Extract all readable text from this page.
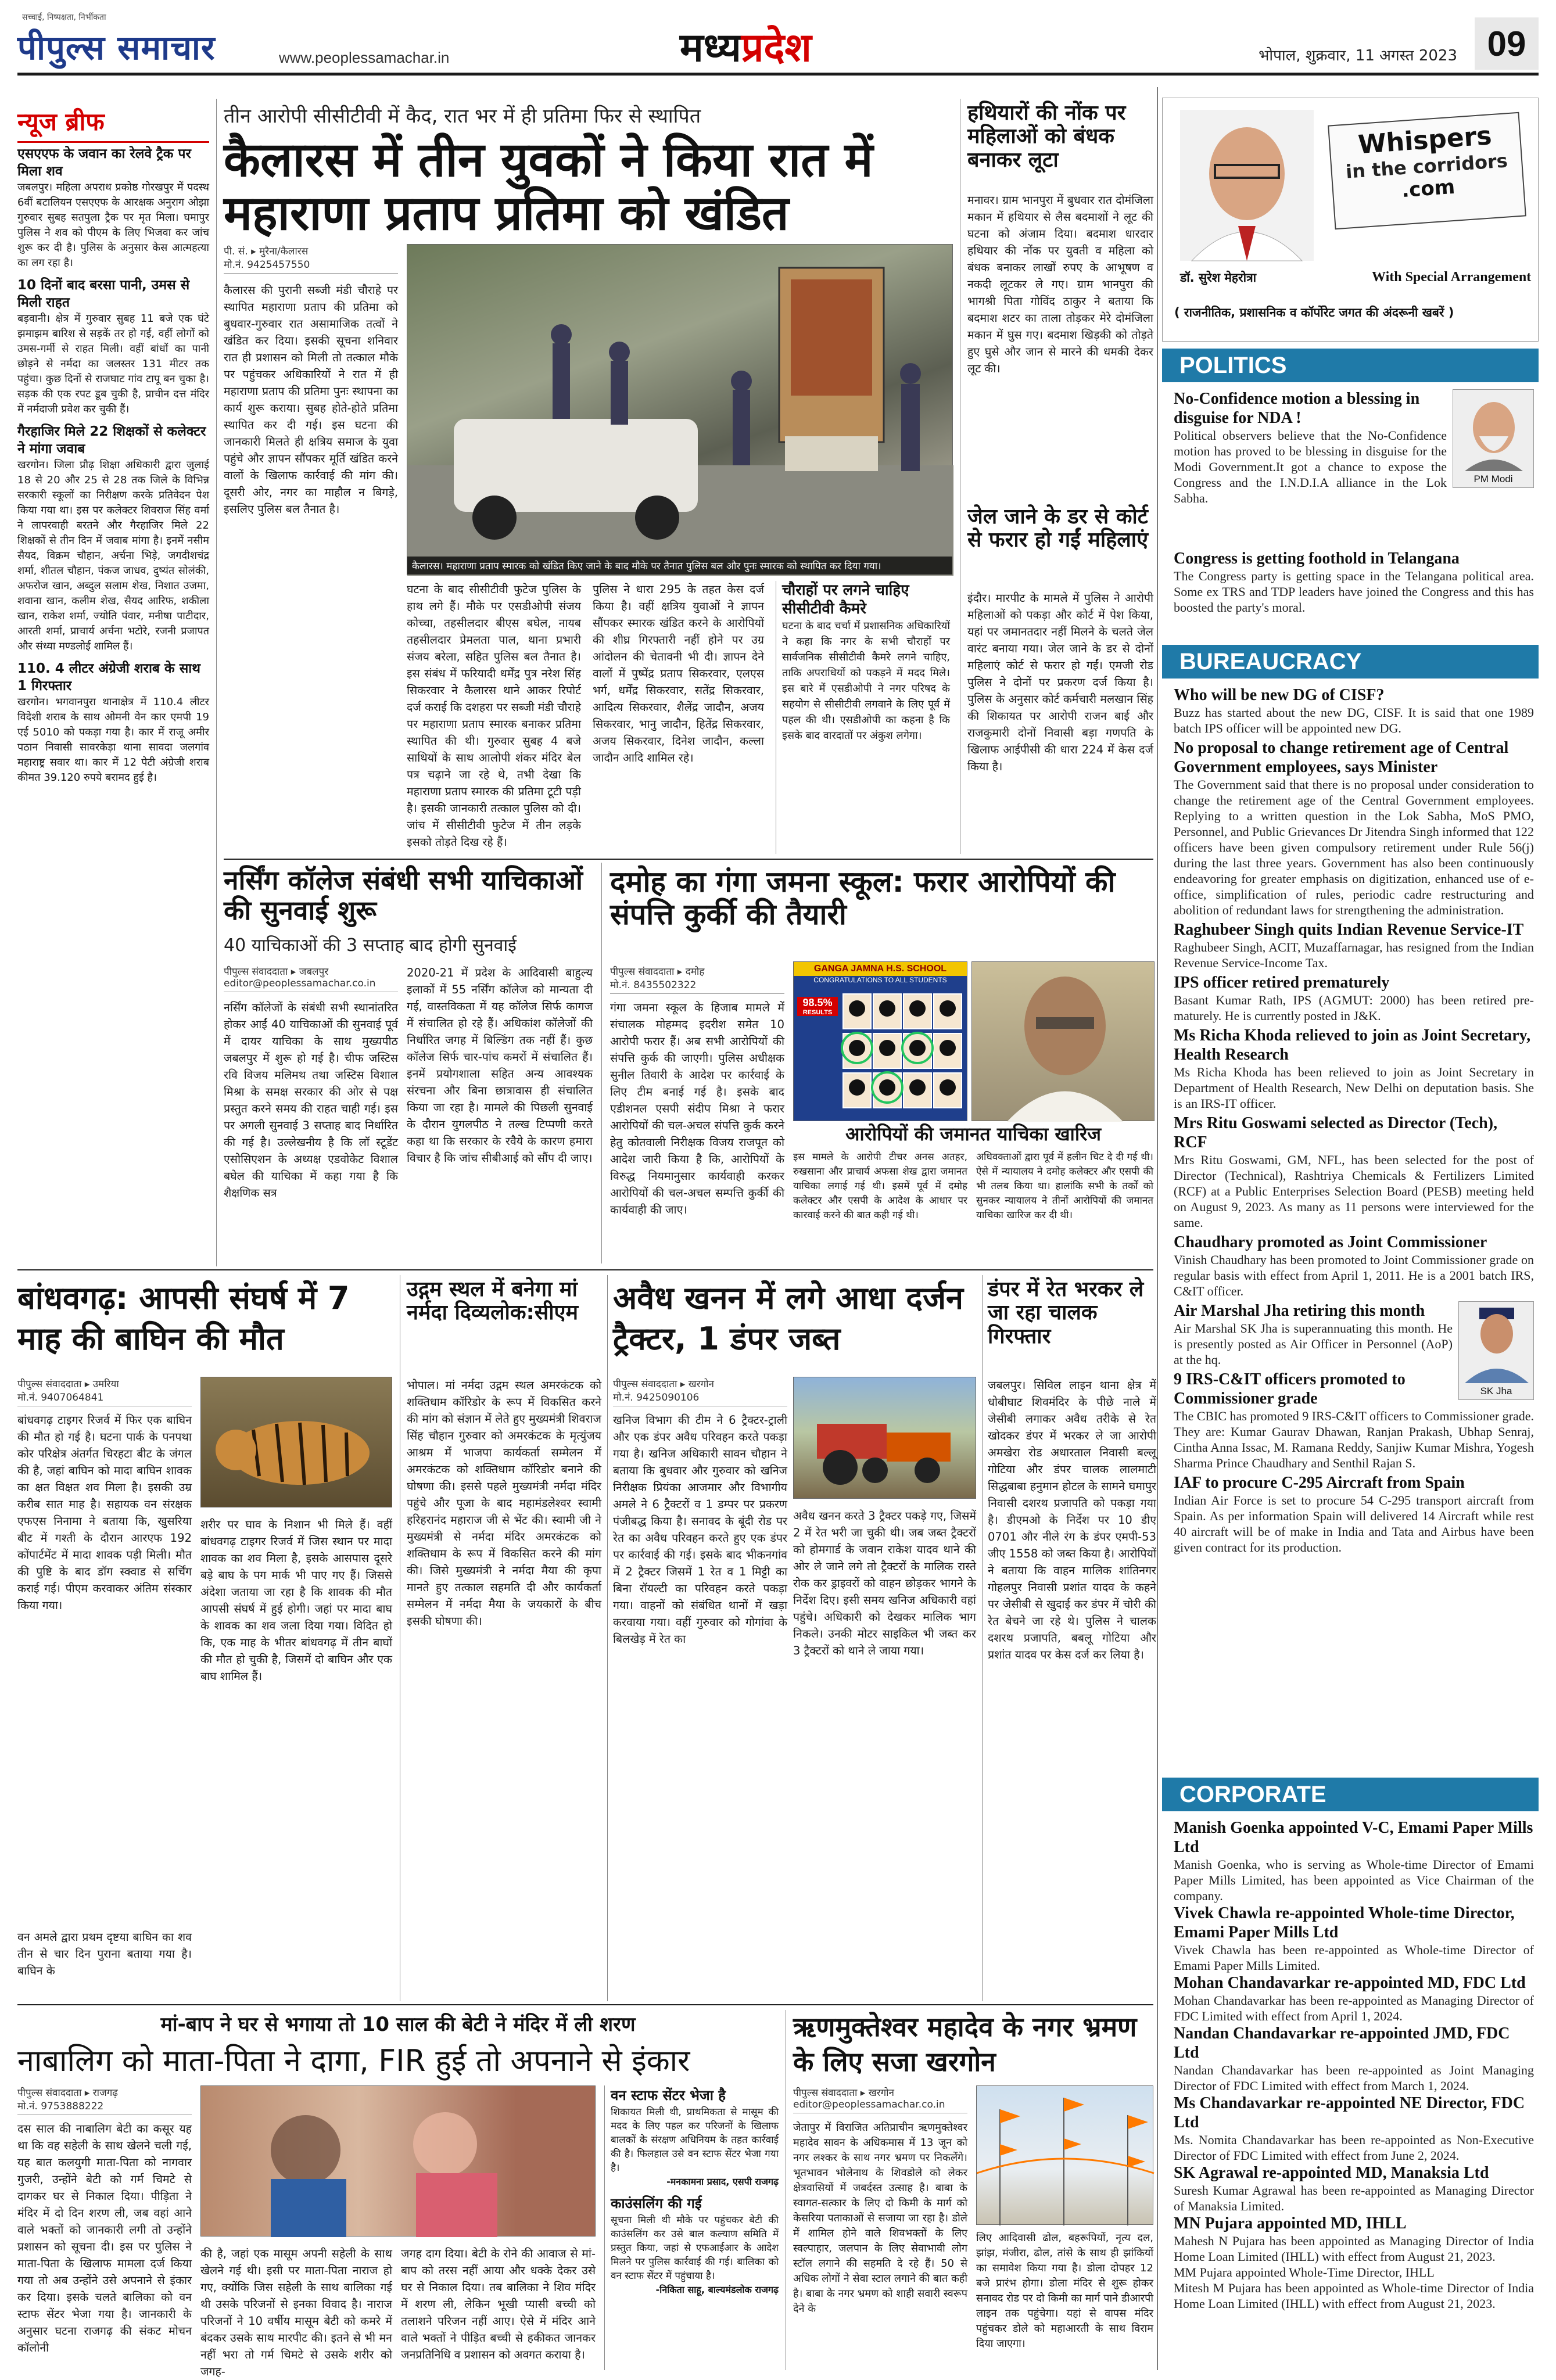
सच्चाई, निष्पक्षता, निर्भीकता
पीपुल्स समाचार	www.peoplessamachar.in	मध्यप्रदेश	भोपाल, शुक्रवार, 11 अगस्त 2023 09
न्यूज ब्रीफ
एसएएफ के जवान का रेलवे ट्रैक पर मिला शव
जबलपुर। महिला अपराध प्रकोष्ठ गोरखपुर में पदस्थ 6वीं बटालियन एसएएफ के आरक्षक अनुराग ओझा गुरुवार सुबह सतपुला ट्रैक पर मृत मिला। घमापुर पुलिस ने शव को पीएम के लिए भिजवा कर जांच शुरू कर दी है। पुलिस के अनुसार केस आत्महत्या का लग रहा है।
10 दिनों बाद बरसा पानी, उमस से मिली राहत
बड़वानी। क्षेत्र में गुरुवार सुबह 11 बजे एक घंटे झमाझम बारिश से सड़कें तर हो गईं, वहीं लोगों को उमस-गर्मी से राहत मिली। वहीं बांधों का पानी छोड़ने से नर्मदा का जलस्तर 131 मीटर तक पहुंचा। कुछ दिनों से राजघाट गांव टापू बन चुका है। सड़क की एक रपट डूब चुकी है, प्राचीन दत्त मंदिर में नर्मदाजी प्रवेश कर चुकी हैं।
गैरहाजिर मिले 22 शिक्षकों से कलेक्टर ने मांगा जवाब
खरगोन। जिला प्रौढ़ शिक्षा अधिकारी द्वारा जुलाई 18 से 20 और 25 से 28 तक जिले के विभिन्न सरकारी स्कूलों का निरीक्षण करके प्रतिवेदन पेश किया गया था। इस पर कलेक्टर शिवराज सिंह वर्मा ने लापरवाही बरतने और गैरहाजिर मिले 22 शिक्षकों से तीन दिन में जवाब मांगा है। इनमें नसीम सैयद, विक्रम चौहान, अर्चना भिड़े, जगदीशचंद्र शर्मा, शीतल चौहान, पंकज जाधव, दुष्यंत सोलंकी, अफरोज खान, अब्दुल सलाम शेख, निशात उजमा, शवाना खान, कलीम शेख, सैयद आरिफ, शकीला खान, राकेश शर्मा, ज्योति पंवार, मनीषा पाटीदार, आरती शर्मा, प्राचार्य अर्चना भटोरे, रजनी प्रजापत और संध्या मण्डलोई शामिल हैं।
110. 4 लीटर अंग्रेजी शराब के साथ 1 गिरफ्तार
खरगोन। भगवानपुरा थानाक्षेत्र में 110.4 लीटर विदेशी शराब के साथ ओमनी वेन कार एमपी 19 एई 5010 को पकड़ा गया है। कार में राजू अमीर पठान निवासी सावरकेड़ा थाना सावदा जलगांव महाराष्ट्र सवार था। कार में 12 पेटी अंग्रेजी शराब कीमत 39.120 रुपये बरामद हुई है।
तीन आरोपी सीसीटीवी में कैद, रात भर में ही प्रतिमा फिर से स्थापित
कैलारस में तीन युवकों ने किया रात में महाराणा प्रताप प्रतिमा को खंडित
पी. सं. ▸ मुरैना/कैलारस
मो.नं. 9425457550
कैलारस की पुरानी सब्जी मंडी चौराहे पर स्थापित महाराणा प्रताप की प्रतिमा को बुधवार-गुरुवार रात असामाजिक तत्वों ने खंडित कर दिया। इसकी सूचना शनिवार रात ही प्रशासन को मिली तो तत्काल मौके पर पहुंचकर अधिकारियों ने रात में ही महाराणा प्रताप की प्रतिमा पुनः स्थापना का कार्य शुरू कराया। सुबह होते-होते प्रतिमा स्थापित कर दी गई। इस घटना की जानकारी मिलते ही क्षत्रिय समाज के युवा पहुंचे और ज्ञापन सौंपकर मूर्ति खंडित करने वालों के खिलाफ कार्रवाई की मांग की। दूसरी ओर, नगर का माहौल न बिगड़े, इसलिए पुलिस बल तैनात है।
कैलारस। महाराणा प्रताप स्मारक को खंडित किए जाने के बाद मौके पर तैनात पुलिस बल और पुनः स्मारक को स्थापित कर दिया गया।
घटना के बाद सीसीटीवी फुटेज पुलिस के हाथ लगे हैं। मौके पर एसडीओपी संजय कोच्चा, तहसीलदार बीएस बघेल, नायब तहसीलदार प्रेमलता पाल, थाना प्रभारी संजय बरेला, सहित पुलिस बल तैनात है। इस संबंध में फरियादी धर्मेंद्र पुत्र नरेश सिंह सिकरवार ने कैलारस थाने आकर रिपोर्ट दर्ज कराई कि दशहरा पर सब्जी मंडी चौराहे पर महाराणा प्रताप स्मारक बनाकर प्रतिमा स्थापित की थी। गुरुवार सुबह 4 बजे साथियों के साथ आलोपी शंकर मंदिर बेल पत्र चढ़ाने जा रहे थे, तभी देखा कि महाराणा प्रताप स्मारक की प्रतिमा टूटी पड़ी है। इसकी जानकारी तत्काल पुलिस को दी। जांच में सीसीटीवी फुटेज में तीन लड़के इसको तोड़ते दिख रहे हैं।
पुलिस ने धारा 295 के तहत केस दर्ज किया है। वहीं क्षत्रिय युवाओं ने ज्ञापन सौंपकर स्मारक खंडित करने के आरोपियों की शीघ्र गिरफ्तारी नहीं होने पर उग्र आंदोलन की चेतावनी भी दी। ज्ञापन देने वालों में पुष्पेंद्र प्रताप सिकरवार, एलएस भर्ग, धर्मेंद्र सिकरवार, सतेंद्र सिकरवार, आदित्य सिकरवार, शैलेंद्र जादौन, अजय सिकरवार, भानु जादौन, हितेंद्र सिकरवार, अजय सिकरवार, दिनेश जादौन, कल्ला जादौन आदि शामिल रहे।
चौराहों पर लगने चाहिए सीसीटीवी कैमरे
घटना के बाद चर्चा में प्रशासनिक अधिकारियों ने कहा कि नगर के सभी चौराहों पर सार्वजनिक सीसीटीवी कैमरे लगने चाहिए, ताकि अपराधियों को पकड़ने में मदद मिले। इस बारे में एसडीओपी ने नगर परिषद के सहयोग से सीसीटीवी लगवाने के लिए पूर्व में पहल की थी। एसडीओपी का कहना है कि इसके बाद वारदातों पर अंकुश लगेगा।
हथियारों की नोंक पर महिलाओं को बंधक बनाकर लूटा
मनावर। ग्राम भानपुरा में बुधवार रात दोमंजिला मकान में हथियार से लैस बदमाशों ने लूट की घटना को अंजाम दिया। बदमाश धारदार हथियार की नोंक पर युवती व महिला को बंधक बनाकर लाखों रुपए के आभूषण व नकदी लूटकर ले गए। ग्राम भानपुरा की भागश्री पिता गोविंद ठाकुर ने बताया कि बदमाश शटर का ताला तोड़कर मेरे दोमंजिला मकान में घुस गए। बदमाश खिड़की को तोड़ते हुए घुसे और जान से मारने की धमकी देकर लूट की।
जेल जाने के डर से कोर्ट से फरार हो गईं महिलाएं
इंदौर। मारपीट के मामले में पुलिस ने आरोपी महिलाओं को पकड़ा और कोर्ट में पेश किया, यहां पर जमानतदार नहीं मिलने के चलते जेल वारंट बनाया गया। जेल जाने के डर से दोनों महिलाएं कोर्ट से फरार हो गईं। एमजी रोड पुलिस ने दोनों पर प्रकरण दर्ज किया है। पुलिस के अनुसार कोर्ट कर्मचारी मलखान सिंह की शिकायत पर आरोपी राजन बाई और राजकुमारी दोनों निवासी बड़ा गणपति के खिलाफ आईपीसी की धारा 224 में केस दर्ज किया है।
नर्सिंग कॉलेज संबंधी सभी याचिकाओं की सुनवाई शुरू
40 याचिकाओं की 3 सप्ताह बाद होगी सुनवाई
पीपुल्स संवाददाता ▸ जबलपुर
editor@peoplessamachar.co.in
नर्सिंग कॉलेजों के संबंधी सभी स्थानांतरित होकर आईं 40 याचिकाओं की सुनवाई पूर्व में दायर याचिका के साथ मुख्यपीठ जबलपुर में शुरू हो गई है। चीफ जस्टिस रवि विजय मलिमथ तथा जस्टिस विशाल मिश्रा के समक्ष सरकार की ओर से पक्ष प्रस्तुत करने समय की राहत चाही गई। इस पर अगली सुनवाई 3 सप्ताह बाद निर्धारित की गई है। उल्लेखनीय है कि लॉ स्टूडेंट एसोसिएशन के अध्यक्ष एडवोकेट विशाल बघेल की याचिका में कहा गया है कि शैक्षणिक सत्र
2020-21 में प्रदेश के आदिवासी बाहुल्य इलाकों में 55 नर्सिंग कॉलेज को मान्यता दी गई, वास्तविकता में यह कॉलेज सिर्फ कागज में संचालित हो रहे हैं। अधिकांश कॉलेजों की निर्धारित जगह में बिल्डिंग तक नहीं हैं। कुछ कॉलेज सिर्फ चार-पांच कमरों में संचालित हैं। इनमें प्रयोगशाला सहित अन्य आवश्यक संरचना और बिना छात्रावास ही संचालित किया जा रहा है। मामले की पिछली सुनवाई के दौरान युगलपीठ ने तल्ख टिप्पणी करते कहा था कि सरकार के रवैये के कारण हमारा विचार है कि जांच सीबीआई को सौंप दी जाए।
दमोह का गंगा जमना स्कूल: फरार आरोपियों की संपत्ति कुर्की की तैयारी
पीपुल्स संवाददाता ▸ दमोह
मो.नं. 8435502322
गंगा जमना स्कूल के हिजाब मामले में संचालक मोहम्मद इदरीश समेत 10 आरोपी फरार हैं। अब सभी आरोपियों की संपत्ति कुर्क की जाएगी। पुलिस अधीक्षक सुनील तिवारी के आदेश पर कार्रवाई के लिए टीम बनाई गई है। इसके बाद एडीशनल एसपी संदीप मिश्रा ने फरार आरोपियों की चल-अचल संपत्ति कुर्क करने हेतु कोतवाली निरीक्षक विजय राजपूत को आदेश जारी किया है कि, आरोपियों के विरुद्ध नियमानुसार कार्यवाही करकर आरोपियों की चल-अचल सम्पत्ति कुर्की की कार्यवाही की जाए।
GANGA JAMNA H.S. SCHOOL
CONGRATULATIONS TO ALL STUDENTS
98.5%
RESULTS
आरोपियों की जमानत याचिका खारिज
इस मामले के आरोपी टीचर अनस अतहर, रुखसाना और प्राचार्य अफसा शेख द्वारा जमानत याचिका लगाई गई थी। इसमें पूर्व में दमोह कलेक्टर और एसपी के आदेश के आधार पर कारवाई करने की बात कही गई थी।
अधिवक्ताओं द्वारा पूर्व में हलीन चिट दे दी गई थी। ऐसे में न्यायालय ने दमोह कलेक्टर और एसपी की भी तलब किया था। हालांकि सभी के तर्कों को सुनकर न्यायालय ने तीनों आरोपियों की जमानत याचिका खारिज कर दी थी।
बांधवगढ़: आपसी संघर्ष में 7 माह की बाघिन की मौत
पीपुल्स संवाददाता ▸ उमरिया
मो.नं. 9407064841
बांधवगढ़ टाइगर रिजर्व में फिर एक बाघिन की मौत हो गई है। घटना पार्क के पनपथा कोर परिक्षेत्र अंतर्गत चिरहटा बीट के जंगल की है, जहां बाघिन को मादा बाघिन शावक का क्षत विक्षत शव मिला है। इसकी उम्र करीब सात माह है। सहायक वन संरक्षक एफएस निनामा ने बताया कि, खुसरिया बीट में गश्ती के दौरान आरएफ 192 कोंपार्टमेंट में मादा शावक पड़ी मिली। मौत की पुष्टि के बाद डॉग स्क्वाड से सर्चिंग कराई गई। पीएम करवाकर अंतिम संस्कार किया गया।
वन अमले द्वारा प्रथम दृष्टया बाघिन का शव तीन से चार दिन पुराना बताया गया है। बाघिन के
शरीर पर घाव के निशान भी मिले हैं। वहीं बांधवगढ़ टाइगर रिजर्व में जिस स्थान पर मादा शावक का शव मिला है, इसके आसपास दूसरे बड़े बाघ के पग मार्क भी पाए गए हैं। जिससे अंदेशा जताया जा रहा है कि शावक की मौत आपसी संघर्ष में हुई होगी। जहां पर मादा बाघ के शावक का शव जला दिया गया। विदित हो कि, एक माह के भीतर बांधवगढ़ में तीन बाघों की मौत हो चुकी है, जिसमें दो बाघिन और एक बाघ शामिल हैं।
उद्गम स्थल में बनेगा मां नर्मदा दिव्यलोक:सीएम
भोपाल। मां नर्मदा उद्गम स्थल अमरकंटक को शक्तिधाम कॉरिडोर के रूप में विकसित करने की मांग को संज्ञान में लेते हुए मुख्यमंत्री शिवराज सिंह चौहान गुरुवार को अमरकंटक के मृत्युंजय आश्रम में भाजपा कार्यकर्ता सम्मेलन में अमरकंटक को शक्तिधाम कॉरिडोर बनाने की घोषणा की। इससे पहले मुख्यमंत्री नर्मदा मंदिर पहुंचे और पूजा के बाद महामंडलेश्वर स्वामी हरिहरानंद महाराज जी से भेंट की। स्वामी जी ने मुख्यमंत्री से नर्मदा मंदिर अमरकंटक को शक्तिधाम के रूप में विकसित करने की मांग की। जिसे मुख्यमंत्री ने नर्मदा मैया की कृपा मानते हुए तत्काल सहमति दी और कार्यकर्ता सम्मेलन में नर्मदा मैया के जयकारों के बीच इसकी घोषणा की।
अवैध खनन में लगे आधा दर्जन ट्रैक्टर, 1 डंपर जब्त
पीपुल्स संवाददाता ▸ खरगोन
मो.नं. 9425090106
खनिज विभाग की टीम ने 6 ट्रैक्टर-ट्राली और एक डंपर अवैध परिवहन करते पकड़ा गया है। खनिज अधिकारी सावन चौहान ने बताया कि बुधवार और गुरुवार को खनिज निरीक्षक प्रियंका आजमार और विभागीय अमले ने 6 ट्रैक्टरों व 1 डम्पर पर प्रकरण पंजीबद्ध किया है। सनावद के बूंदी रोड पर रेत का अवैध परिवहन करते हुए एक डंपर पर कार्रवाई की गई। इसके बाद भीकनगांव में 2 ट्रैक्टर जिसमें 1 रेत व 1 मिट्टी का बिना रॉयल्टी का परिवहन करते पकड़ा गया। वाहनों को संबंधित थानों में खड़ा करवाया गया। वहीं गुरुवार को गोगांवा के बिलखेड़ में रेत का
अवैध खनन करते 3 ट्रैक्टर पकड़े गए, जिसमें 2 में रेत भरी जा चुकी थी। जब जब्त ट्रैक्टरों को होमगार्ड के जवान राकेश यादव थाने की ओर ले जाने लगे तो ट्रैक्टरों के मालिक रास्ते रोक कर ड्राइवरों को वाहन छोड़कर भागने के निर्देश दिए। इसी समय खनिज अधिकारी वहां पहुंचे। अधिकारी को देखकर मालिक भाग निकले। उनकी मोटर साइकिल भी जब्त कर 3 ट्रैक्टरों को थाने ले जाया गया।
डंपर में रेत भरकर ले जा रहा चालक गिरफ्तार
जबलपुर। सिविल लाइन थाना क्षेत्र में धोबीघाट शिवमंदिर के पीछे नाले में जेसीबी लगाकर अवैध तरीके से रेत खोदकर डंपर में भरकर ले जा आरोपी अमखेरा रोड अधारताल निवासी बल्लू गोटिया और डंपर चालक लालमाटी सिद्धबाबा हनुमान होटल के सामने घमापुर निवासी दशरथ प्रजापति को पकड़ा गया है। डीएमओ के निर्देश पर 10 डीए 0701 और नीले रंग के डंपर एमपी-53 जीए 1558 को जब्त किया है। आरोपियों ने बताया कि वाहन मालिक शांतिनगर गोहलपुर निवासी प्रशांत यादव के कहने पर जेसीबी से खुदाई कर डंपर में चोरी की रेत बेचने जा रहे थे। पुलिस ने चालक दशरथ प्रजापति, बबलू गोटिया और प्रशांत यादव पर केस दर्ज कर लिया है।
मां-बाप ने घर से भगाया तो 10 साल की बेटी ने मंदिर में ली शरण
नाबालिग को माता-पिता ने दागा, FIR हुई तो अपनाने से इंकार
पीपुल्स संवाददाता ▸ राजगढ़
मो.नं. 9753888222
दस साल की नाबालिग बेटी का कसूर यह था कि वह सहेली के साथ खेलने चली गई, यह बात कलयुगी माता-पिता को नागवार गुजरी, उन्होंने बेटी को गर्म चिमटे से दागकर घर से निकाल दिया। पीड़िता ने मंदिर में दो दिन शरण ली, जब वहां आने वाले भक्तों को जानकारी लगी तो उन्होंने प्रशासन को सूचना दी। इस पर पुलिस ने माता-पिता के खिलाफ मामला दर्ज किया गया तो अब उन्होंने उसे अपनाने से इंकार कर दिया। इसके चलते बालिका को वन स्टाफ सेंटर भेजा गया है। जानकारी के अनुसार घटना राजगढ़ की संकट मोचन कॉलोनी
की है, जहां एक मासूम अपनी सहेली के साथ खेलने गई थी। इसी पर माता-पिता नाराज हो गए, क्योंकि जिस सहेली के साथ बालिका गई थी उसके परिजनों से इनका विवाद है। नाराज परिजनों ने 10 वर्षीय मासूम बेटी को कमरे में बंदकर उसके साथ मारपीट की। इतने से भी मन नहीं भरा तो गर्म चिमटे से उसके शरीर को जगह-
जगह दाग दिया। बेटी के रोने की आवाज से मां-बाप को तरस नहीं आया और धक्के देकर उसे घर से निकाल दिया। तब बालिका ने शिव मंदिर में शरण ली, लेकिन भूखी प्यासी बच्ची को तलाशने परिजन नहीं आए। ऐसे में मंदिर आने वाले भक्तों ने पीड़ित बच्ची से हकीकत जानकर जनप्रतिनिधि व प्रशासन को अवगत कराया है।
वन स्टाफ सेंटर भेजा है
शिकायत मिली थी, प्राथमिकता से मासूम की मदद के लिए पहल कर परिजनों के खिलाफ बालकों के संरक्षण अधिनियम के तहत कार्रवाई की है। फिलहाल उसे वन स्टाफ सेंटर भेजा गया है।
-मनकामना प्रसाद, एसपी राजगढ़
काउंसलिंग की गई
सूचना मिली थी मौके पर पहुंचकर बेटी की काउंसलिंग कर उसे बाल कल्याण समिति में प्रस्तुत किया, जहां से एफआईआर के आदेश मिलने पर पुलिस कार्रवाई की गई। बालिका को वन स्टाफ सेंटर में पहुंचाया है।
-निकिता साहू, बाल्यमंडलोक राजगढ़
ऋणमुक्तेश्वर महादेव के नगर भ्रमण के लिए सजा खरगोन
पीपुल्स संवाददाता ▸ खरगोन
editor@peoplessamachar.co.in
जेतापुर में विराजित अतिप्राचीन ऋणमुक्तेश्वर महादेव सावन के अधिकमास में 13 जून को नगर लश्कर के साथ नगर भ्रमण पर निकलेंगे। भूतभावन भोलेनाथ के शिवडोले को लेकर क्षेत्रवासियों में जबर्दस्त उत्साह है। बाबा के स्वागत-सत्कार के लिए दो किमी के मार्ग को केसरिया पताकाओं से सजाया जा रहा है। डोले में शामिल होने वाले शिवभक्तों के लिए स्वल्पाहार, जलपान के लिए सेवाभावी लोग स्टॉल लगाने की सहमति दे रहे हैं। 50 से अधिक लोगों ने सेवा स्टाल लगाने की बात कही है। बाबा के नगर भ्रमण को शाही सवारी स्वरूप देने के
लिए आदिवासी ढोल, बहरूपियों, नृत्य दल, झांझ, मंजीरा, ढोल, तांसे के साथ ही झांकियों का समावेश किया गया है। डोला दोपहर 12 बजे प्रारंभ होगा। डोला मंदिर से शुरू होकर सनावद रोड पर दो किमी का मार्ग पाने डीआरपी लाइन तक पहुंचेगा। यहां से वापस मंदिर पहुंचकर डोले को महाआरती के साथ विराम दिया जाएगा।
Whispers
in the corridors
.com
डॉ. सुरेश मेहरोत्रा	With Special Arrangement
( राजनीतिक, प्रशासनिक व कॉर्पोरेट जगत की अंदरूनी खबरें )
POLITICS
No-Confidence motion a blessing in disguise for NDA !
Political observers believe that the No-Confidence motion has proved to be blessing in disguise for the Modi Government.It got a chance to expose the Congress and the I.N.D.I.A alliance in the Lok Sabha.
PM Modi
Congress is getting foothold in Telangana
The Congress party is getting space in the Telangana political area. Some ex TRS and TDP leaders have joined the Congress and this has boosted the party's moral.
BUREAUCRACY
Who will be new DG of CISF?
Buzz has started about the new DG, CISF. It is said that one 1989 batch IPS officer will be appointed new DG.
No proposal to change retirement age of Central Government employees, says Minister
The Government said that there is no proposal under consideration to change the retirement age of the Central Government employees. Replying to a written question in the Lok Sabha, MoS PMO, Personnel, and Public Grievances Dr Jitendra Singh informed that 122 officers have been given compulsory retirement under Rule 56(j) during the last three years. Government has also been continuously endeavoring for greater emphasis on digitization, enhanced use of e-office, simplification of rules, periodic cadre restructuring and abolition of redundant laws for strengthening the administration.
Raghubeer Singh quits Indian Revenue Service-IT
Raghubeer Singh, ACIT, Muzaffarnagar, has resigned from the Indian Revenue Service-Income Tax.
IPS officer retired prematurely
Basant Kumar Rath, IPS (AGMUT: 2000) has been retired pre-maturely. He is currently posted in J&K.
Ms Richa Khoda relieved to join as Joint Secretary, Health Research
Ms Richa Khoda has been relieved to join as Joint Secretary in Department of Health Research, New Delhi on deputation basis. She is an IRS-IT officer.
Mrs Ritu Goswami selected as Director (Tech), RCF
Mrs Ritu Goswami, GM, NFL, has been selected for the post of Director (Technical), Rashtriya Chemicals & Fertilizers Limited (RCF) at a Public Enterprises Selection Board (PESB) meeting held on August 9, 2023. As many as 11 persons were interviewed for the same.
Chaudhary promoted as Joint Commissioner
Vinish Chaudhary has been promoted to Joint Commissioner grade on regular basis with effect from April 1, 2011. He is a 2001 batch IRS, C&IT officer.
Air Marshal Jha retiring this month
Air Marshal SK Jha is superannuating this month. He is presently posted as Air Officer in Personnel (AoP) at the hq.
9 IRS-C&IT officers promoted to Commissioner grade	SK Jha
The CBIC has promoted 9 IRS-C&IT officers to Commissioner grade. They are: Kumar Gaurav Dhawan, Ranjan Prakash, Ubhap Senraj, Cintha Anna Issac, M. Ramana Reddy, Sanjiw Kumar Mishra, Yogesh Sharma Prince Chaudhary and Senthil Rajan S.
IAF to procure C-295 Aircraft from Spain
Indian Air Force is set to procure 54 C-295 transport aircraft from Spain. As per information Spain will delivered 14 Aircraft while rest 40 aircraft will be of make in India and Tata and Airbus have been given contract for its production.
CORPORATE
Manish Goenka appointed V-C, Emami Paper Mills Ltd
Manish Goenka, who is serving as Whole-time Director of Emami Paper Mills Limited, has been appointed as Vice Chairman of the company.
Vivek Chawla re-appointed Whole-time Director, Emami Paper Mills Ltd
Vivek Chawla has been re-appointed as Whole-time Director of Emami Paper Mills Limited.
Mohan Chandavarkar re-appointed MD, FDC Ltd
Mohan Chandavarkar has been re-appointed as Managing Director of FDC Limited with effect from April 1, 2024.
Nandan Chandavarkar re-appointed JMD, FDC Ltd
Nandan Chandavarkar has been re-appointed as Joint Managing Director of FDC Limited with effect from March 1, 2024.
Ms Chandavarkar re-appointed NE Director, FDC Ltd
Ms. Nomita Chandavarkar has been re-appointed as Non-Executive Director of FDC Limited with effect from June 2, 2024.
SK Agrawal re-appointed MD, Manaksia Ltd
Suresh Kumar Agrawal has been re-appointed as Managing Director of Manaksia Limited.
MN Pujara appointed MD, IHLL
Mahesh N Pujara has been appointed as Managing Director of India Home Loan Limited (IHLL) with effect from August 21, 2023.
MM Pujara appointed Whole-Time Director, IHLL
Mitesh M Pujara has been appointed as Whole-time Director of India Home Loan Limited (IHLL) with effect from August 21, 2023.
